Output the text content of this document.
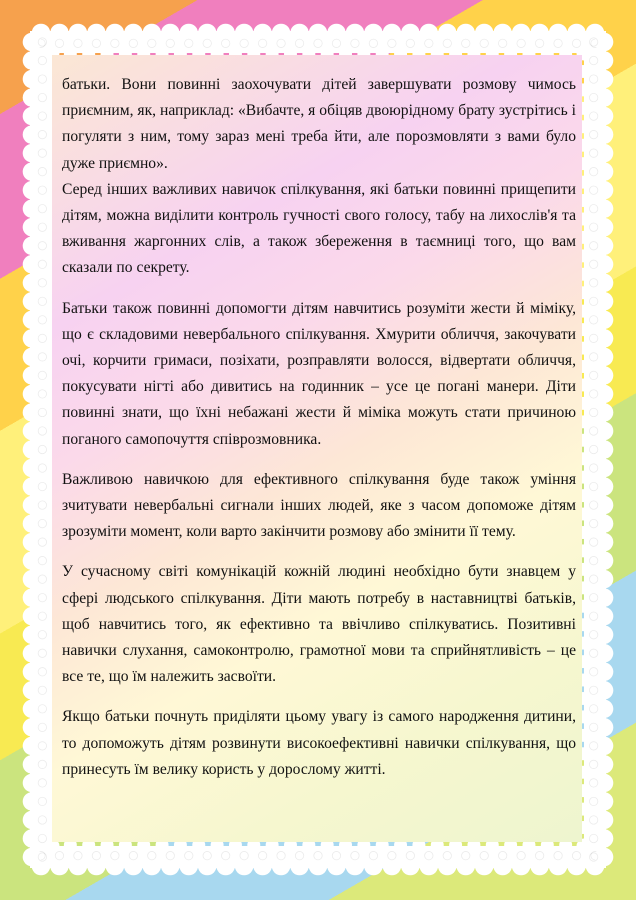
батьки. Вони повинні заохочувати дітей завершувати розмову чимось приємним, як, наприклад: «Вибачте, я обіцяв двоюрідному брату зустрітись і погуляти з ним, тому зараз мені треба йти, але порозмовляти з вами було дуже приємно».

Серед інших важливих навичок спілкування, які батьки повинні прищепити дітям, можна виділити контроль гучності свого голосу, табу на лихослів'я та вживання жаргонних слів, а також збереження в таємниці того, що вам сказали по секрету.

Батьки також повинні допомогти дітям навчитись розуміти жести й міміку, що є складовими невербального спілкування. Хмурити обличчя, закочувати очі, корчити гримаси, позіхати, розправляти волосся, відвертати обличчя, покусувати нігті або дивитись на годинник – усе це погані манери. Діти повинні знати, що їхні небажані жести й міміка можуть стати причиною поганого самопочуття співрозмовника.

Важливою навичкою для ефективного спілкування буде також уміння зчитувати невербальні сигнали інших людей, яке з часом допоможе дітям зрозуміти момент, коли варто закінчити розмову або змінити її тему.

У сучасному світі комунікацій кожній людині необхідно бути знавцем у сфері людського спілкування. Діти мають потребу в наставництві батьків, щоб навчитись того, як ефективно та ввічливо спілкуватись. Позитивні навички слухання, самоконтролю, грамотної мови та сприйнятливість – це все те, що їм належить засвоїти.

Якщо батьки почнуть приділяти цьому увагу із самого народження дитини, то допоможуть дітям розвинути високоефективні навички спілкування, що принесуть їм велику користь у дорослому житті.
